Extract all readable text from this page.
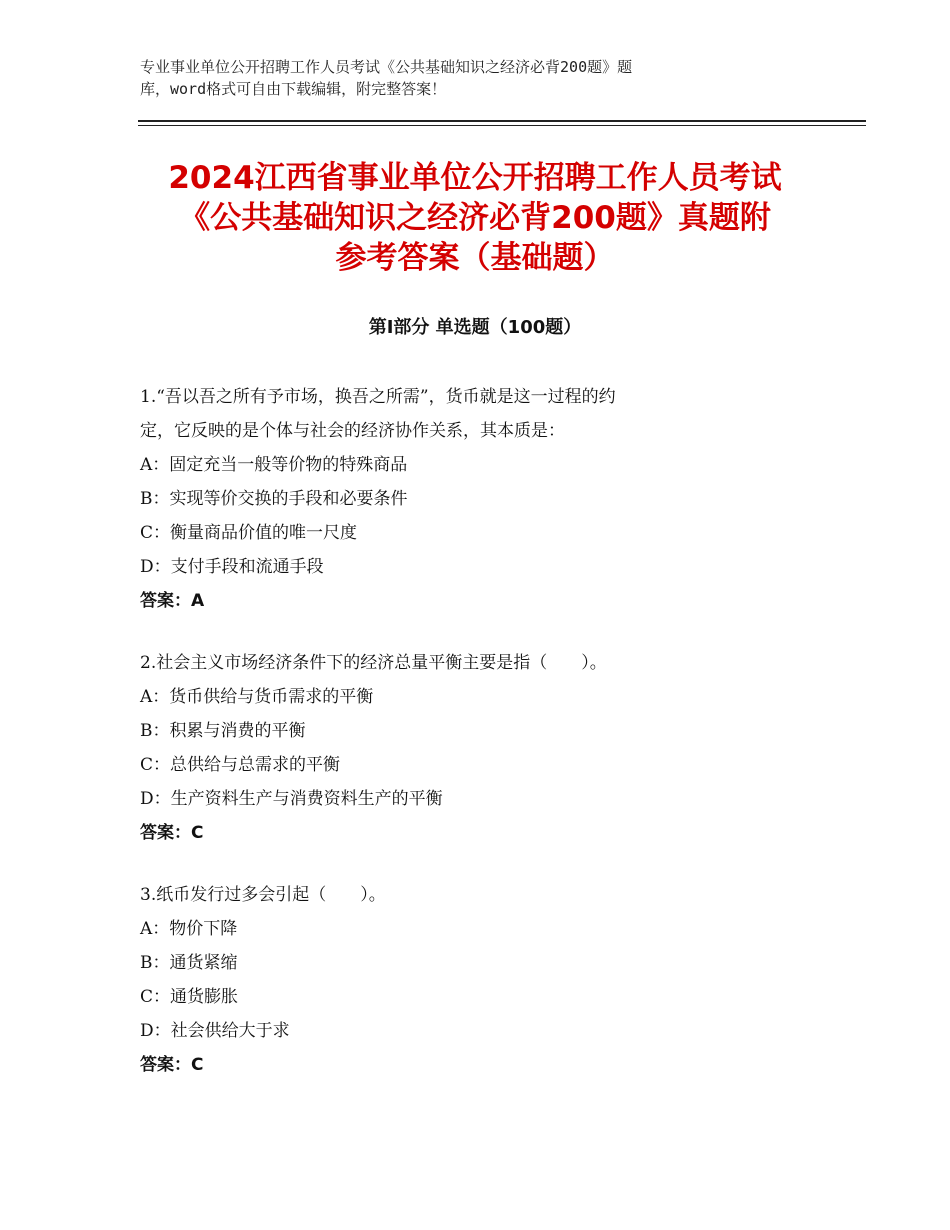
专业事业单位公开招聘工作人员考试《公共基础知识之经济必背200题》题
库，word格式可自由下载编辑，附完整答案！
2024江西省事业单位公开招聘工作人员考试
《公共基础知识之经济必背200题》真题附
参考答案（基础题）
第Ⅰ部分 单选题（100题）
1.“吾以吾之所有予市场，换吾之所需”，货币就是这一过程的约
定，它反映的是个体与社会的经济协作关系，其本质是：
A：固定充当一般等价物的特殊商品
B：实现等价交换的手段和必要条件
C：衡量商品价值的唯一尺度
D：支付手段和流通手段
答案：A
2.社会主义市场经济条件下的经济总量平衡主要是指（　　）。
A：货币供给与货币需求的平衡
B：积累与消费的平衡
C：总供给与总需求的平衡
D：生产资料生产与消费资料生产的平衡
答案：C
3.纸币发行过多会引起（　　）。
A：物价下降
B：通货紧缩
C：通货膨胀
D：社会供给大于求
答案：C
